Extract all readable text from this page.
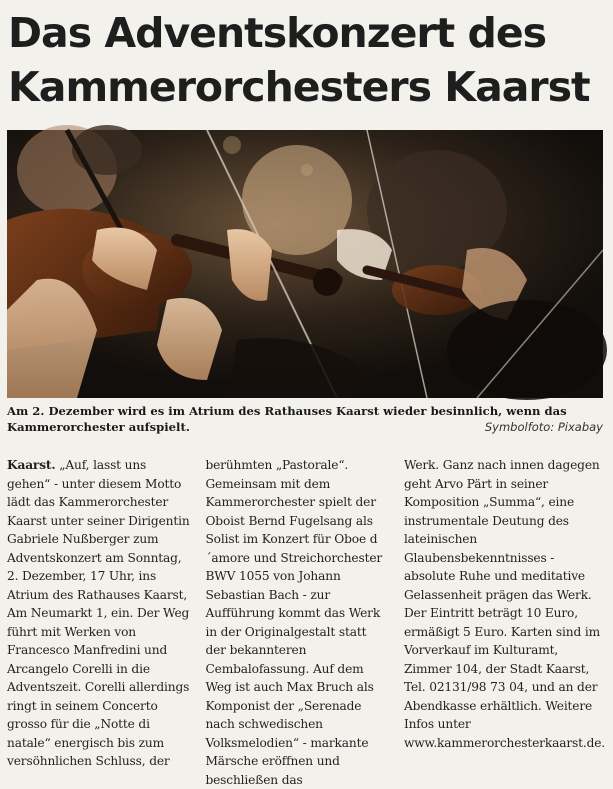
Das Adventskonzert des
Kammerorchesters Kaarst

Am 2. Dezember wird es im Atrium des Rathauses Kaarst wieder besinnlich, wenn das Kammerorchester aufspielt.	Symbolfoto: Pixabay

Kaarst. „Auf, lasst uns gehen“ - unter diesem Motto lädt das Kammerorchester Kaarst unter seiner Dirigentin Gabriele Nußberger zum Adventskonzert am Sonntag, 2. Dezember, 17 Uhr, ins Atrium des Rathauses Kaarst, Am Neumarkt 1, ein. Der Weg führt mit Werken von Francesco Manfredini und Arcangelo Corelli in die Adventszeit. Corelli allerdings ringt in seinem Concerto grosso für die „Notte di natale“ energisch bis zum versöhnlichen Schluss, der

berühmten „Pastorale“. Gemeinsam mit dem Kammerorchester spielt der Oboist Bernd Fugelsang als Solist im Konzert für Oboe d´amore und Streichorchester BWV 1055 von Johann Sebastian Bach - zur Aufführung kommt das Werk in der Originalgestalt statt der bekannteren Cembalofassung. Auf dem Weg ist auch Max Bruch als Komponist der „Serenade nach schwedischen Volksmelodien“ - markante Märsche eröffnen und beschließen das

Werk. Ganz nach innen dagegen geht Arvo Pärt in seiner Komposition „Summa“, eine instrumentale Deutung des lateinischen Glaubensbekenntnisses - absolute Ruhe und meditative Gelassenheit prägen das Werk. Der Eintritt beträgt 10 Euro, ermäßigt 5 Euro. Karten sind im Vorverkauf im Kulturamt, Zimmer 104, der Stadt Kaarst, Tel. 02131/98 73 04, und an der Abendkasse erhältlich. Weitere Infos unter www.kammerorchesterkaarst.de.
